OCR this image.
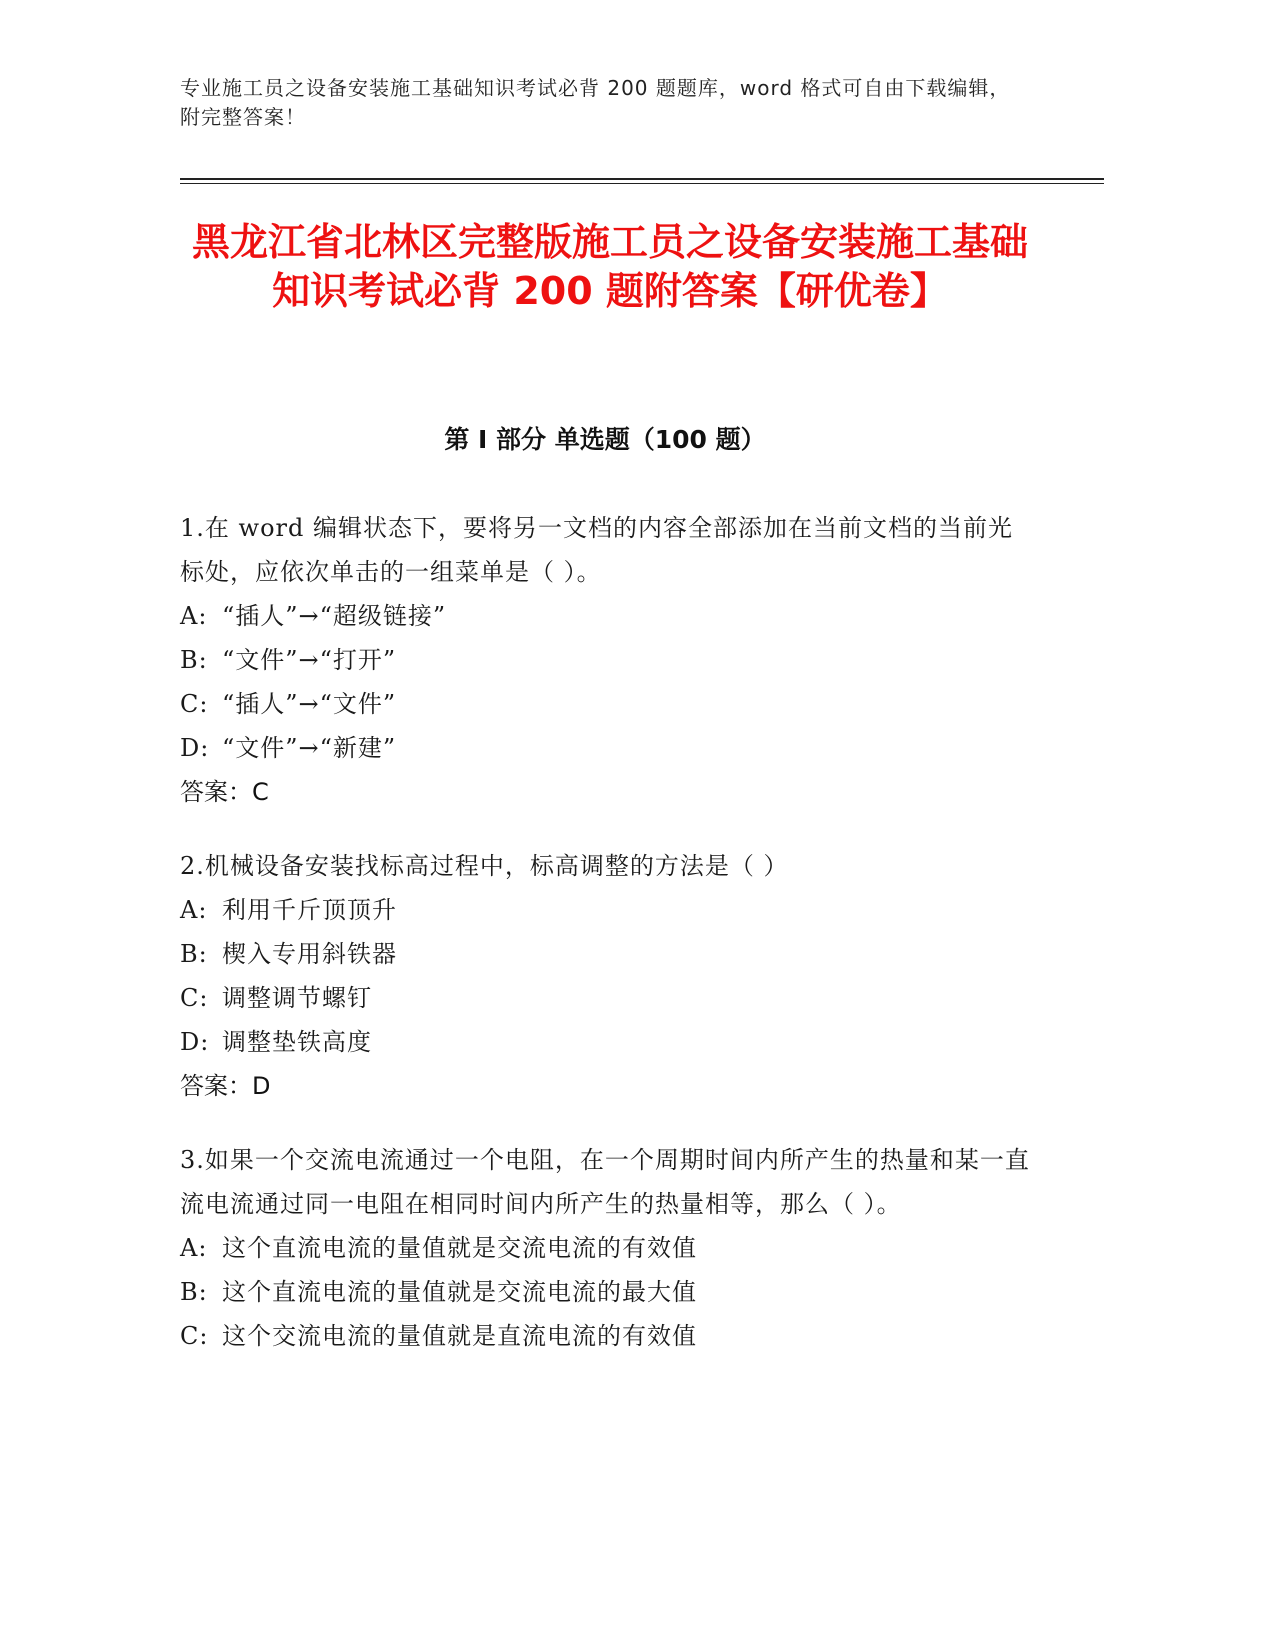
专业施工员之设备安装施工基础知识考试必背 200 题题库，word 格式可自由下载编辑，附完整答案！
黑龙江省北林区完整版施工员之设备安装施工基础知识考试必背 200 题附答案【研优卷】
第 I 部分 单选题（100 题）
1.在 word 编辑状态下，要将另一文档的内容全部添加在当前文档的当前光标处，应依次单击的一组菜单是（ ）。
A: “插人”→“超级链接”
B: “文件”→“打开”
C: “插人”→“文件”
D: “文件”→“新建”
答案：C
2.机械设备安装找标高过程中，标高调整的方法是（ ）
A: 利用千斤顶顶升
B: 楔入专用斜铁器
C: 调整调节螺钉
D: 调整垫铁高度
答案：D
3.如果一个交流电流通过一个电阻，在一个周期时间内所产生的热量和某一直流电流通过同一电阻在相同时间内所产生的热量相等，那么（ ）。
A: 这个直流电流的量值就是交流电流的有效值
B: 这个直流电流的量值就是交流电流的最大值
C: 这个交流电流的量值就是直流电流的有效值
